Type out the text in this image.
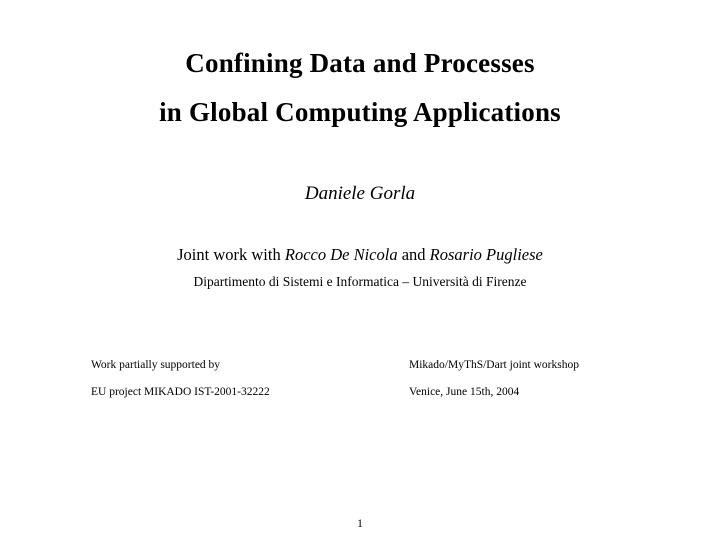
Confining Data and Processes
in Global Computing Applications
Daniele Gorla
Joint work with Rocco De Nicola and Rosario Pugliese
Dipartimento di Sistemi e Informatica – Università di Firenze
Work partially supported by
EU project MIKADO IST-2001-32222
Mikado/MyThS/Dart joint workshop
Venice, June 15th, 2004
1
